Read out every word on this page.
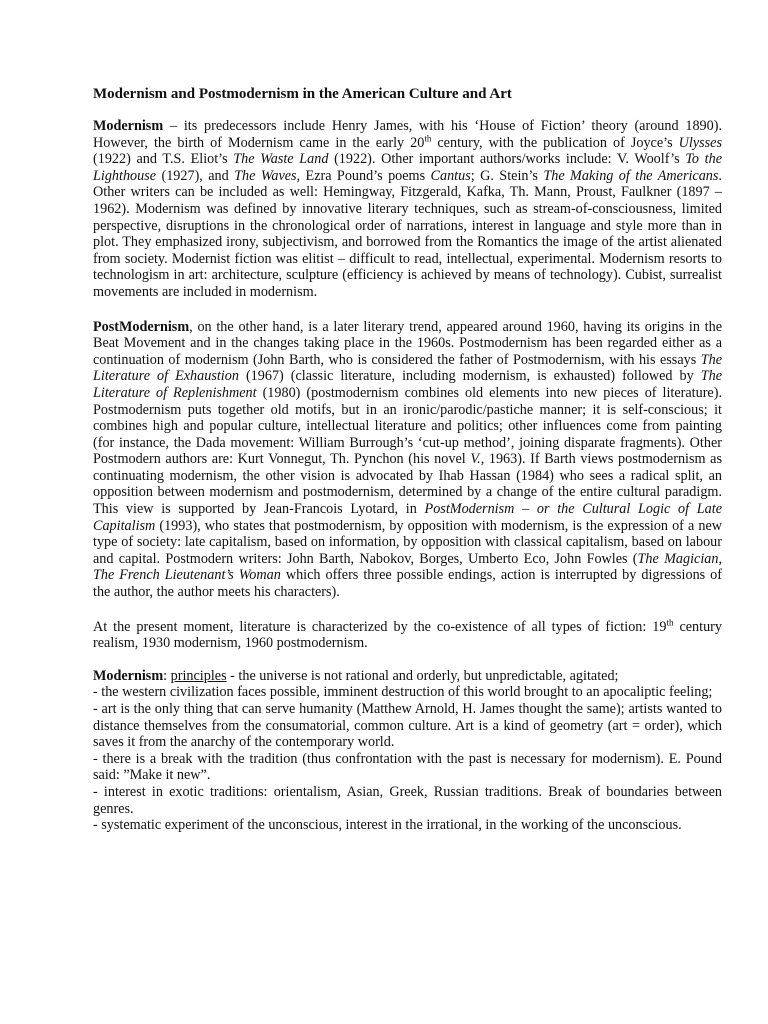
Modernism and Postmodernism in the American Culture and Art

Modernism – its predecessors include Henry James, with his ‘House of Fiction’ theory (around 1890). However, the birth of Modernism came in the early 20th century, with the publication of Joyce’s Ulysses (1922) and T.S. Eliot’s The Waste Land (1922). Other important authors/works include: V. Woolf’s To the Lighthouse (1927), and The Waves, Ezra Pound’s poems Cantus; G. Stein’s The Making of the Americans. Other writers can be included as well: Hemingway, Fitzgerald, Kafka, Th. Mann, Proust, Faulkner (1897 – 1962). Modernism was defined by innovative literary techniques, such as stream-of-consciousness, limited perspective, disruptions in the chronological order of narrations, interest in language and style more than in plot. They emphasized irony, subjectivism, and borrowed from the Romantics the image of the artist alienated from society. Modernist fiction was elitist – difficult to read, intellectual, experimental. Modernism resorts to technologism in art: architecture, sculpture (efficiency is achieved by means of technology). Cubist, surrealist movements are included in modernism.

PostModernism, on the other hand, is a later literary trend, appeared around 1960, having its origins in the Beat Movement and in the changes taking place in the 1960s. Postmodernism has been regarded either as a continuation of modernism (John Barth, who is considered the father of Postmodernism, with his essays The Literature of Exhaustion (1967) (classic literature, including modernism, is exhausted) followed by The Literature of Replenishment (1980) (postmodernism combines old elements into new pieces of literature). Postmodernism puts together old motifs, but in an ironic/parodic/pastiche manner; it is self-conscious; it combines high and popular culture, intellectual literature and politics; other influences come from painting (for instance, the Dada movement: William Burrough’s ‘cut-up method’, joining disparate fragments). Other Postmodern authors are: Kurt Vonnegut, Th. Pynchon (his novel V., 1963). If Barth views postmodernism as continuating modernism, the other vision is advocated by Ihab Hassan (1984) who sees a radical split, an opposition between modernism and postmodernism, determined by a change of the entire cultural paradigm. This view is supported by Jean-Francois Lyotard, in PostModernism – or the Cultural Logic of Late Capitalism (1993), who states that postmodernism, by opposition with modernism, is the expression of a new type of society: late capitalism, based on information, by opposition with classical capitalism, based on labour and capital. Postmodern writers: John Barth, Nabokov, Borges, Umberto Eco, John Fowles (The Magician, The French Lieutenant’s Woman which offers three possible endings, action is interrupted by digressions of the author, the author meets his characters).

At the present moment, literature is characterized by the co-existence of all types of fiction: 19th century realism, 1930 modernism, 1960 postmodernism.

Modernism: principles - the universe is not rational and orderly, but unpredictable, agitated;

- the western civilization faces possible, imminent destruction of this world brought to an apocaliptic feeling;

- art is the only thing that can serve humanity (Matthew Arnold, H. James thought the same); artists wanted to distance themselves from the consumatorial, common culture. Art is a kind of geometry (art = order), which saves it from the anarchy of the contemporary world.

- there is a break with the tradition (thus confrontation with the past is necessary for modernism). E. Pound said: ”Make it new”.

- interest in exotic traditions: orientalism, Asian, Greek, Russian traditions. Break of boundaries between genres.

- systematic experiment of the unconscious, interest in the irrational, in the working of the unconscious.
